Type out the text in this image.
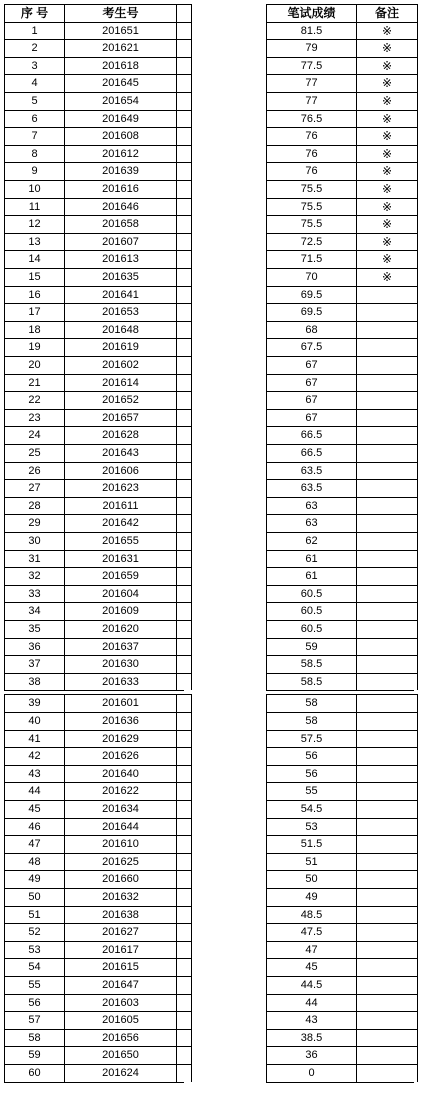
序 号	考生号	笔试成绩	备注
1	201651	81.5	※
2	201621	79	※
3	201618	77.5	※
4	201645	77	※
5	201654	77	※
6	201649	76.5	※
7	201608	76	※
8	201612	76	※
9	201639	76	※
10	201616	75.5	※
11	201646	75.5	※
12	201658	75.5	※
13	201607	72.5	※
14	201613	71.5	※
15	201635	70	※
16	201641	69.5
17	201653	69.5
18	201648	68
19	201619	67.5
20	201602	67
21	201614	67
22	201652	67
23	201657	67
24	201628	66.5
25	201643	66.5
26	201606	63.5
27	201623	63.5
28	201611	63
29	201642	63
30	201655	62
31	201631	61
32	201659	61
33	201604	60.5
34	201609	60.5
35	201620	60.5
36	201637	59
37	201630	58.5
38	201633	58.5
39	201601	58
40	201636	58
41	201629	57.5
42	201626	56
43	201640	56
44	201622	55
45	201634	54.5
46	201644	53
47	201610	51.5
48	201625	51
49	201660	50
50	201632	49
51	201638	48.5
52	201627	47.5
53	201617	47
54	201615	45
55	201647	44.5
56	201603	44
57	201605	43
58	201656	38.5
59	201650	36
60	201624	0
